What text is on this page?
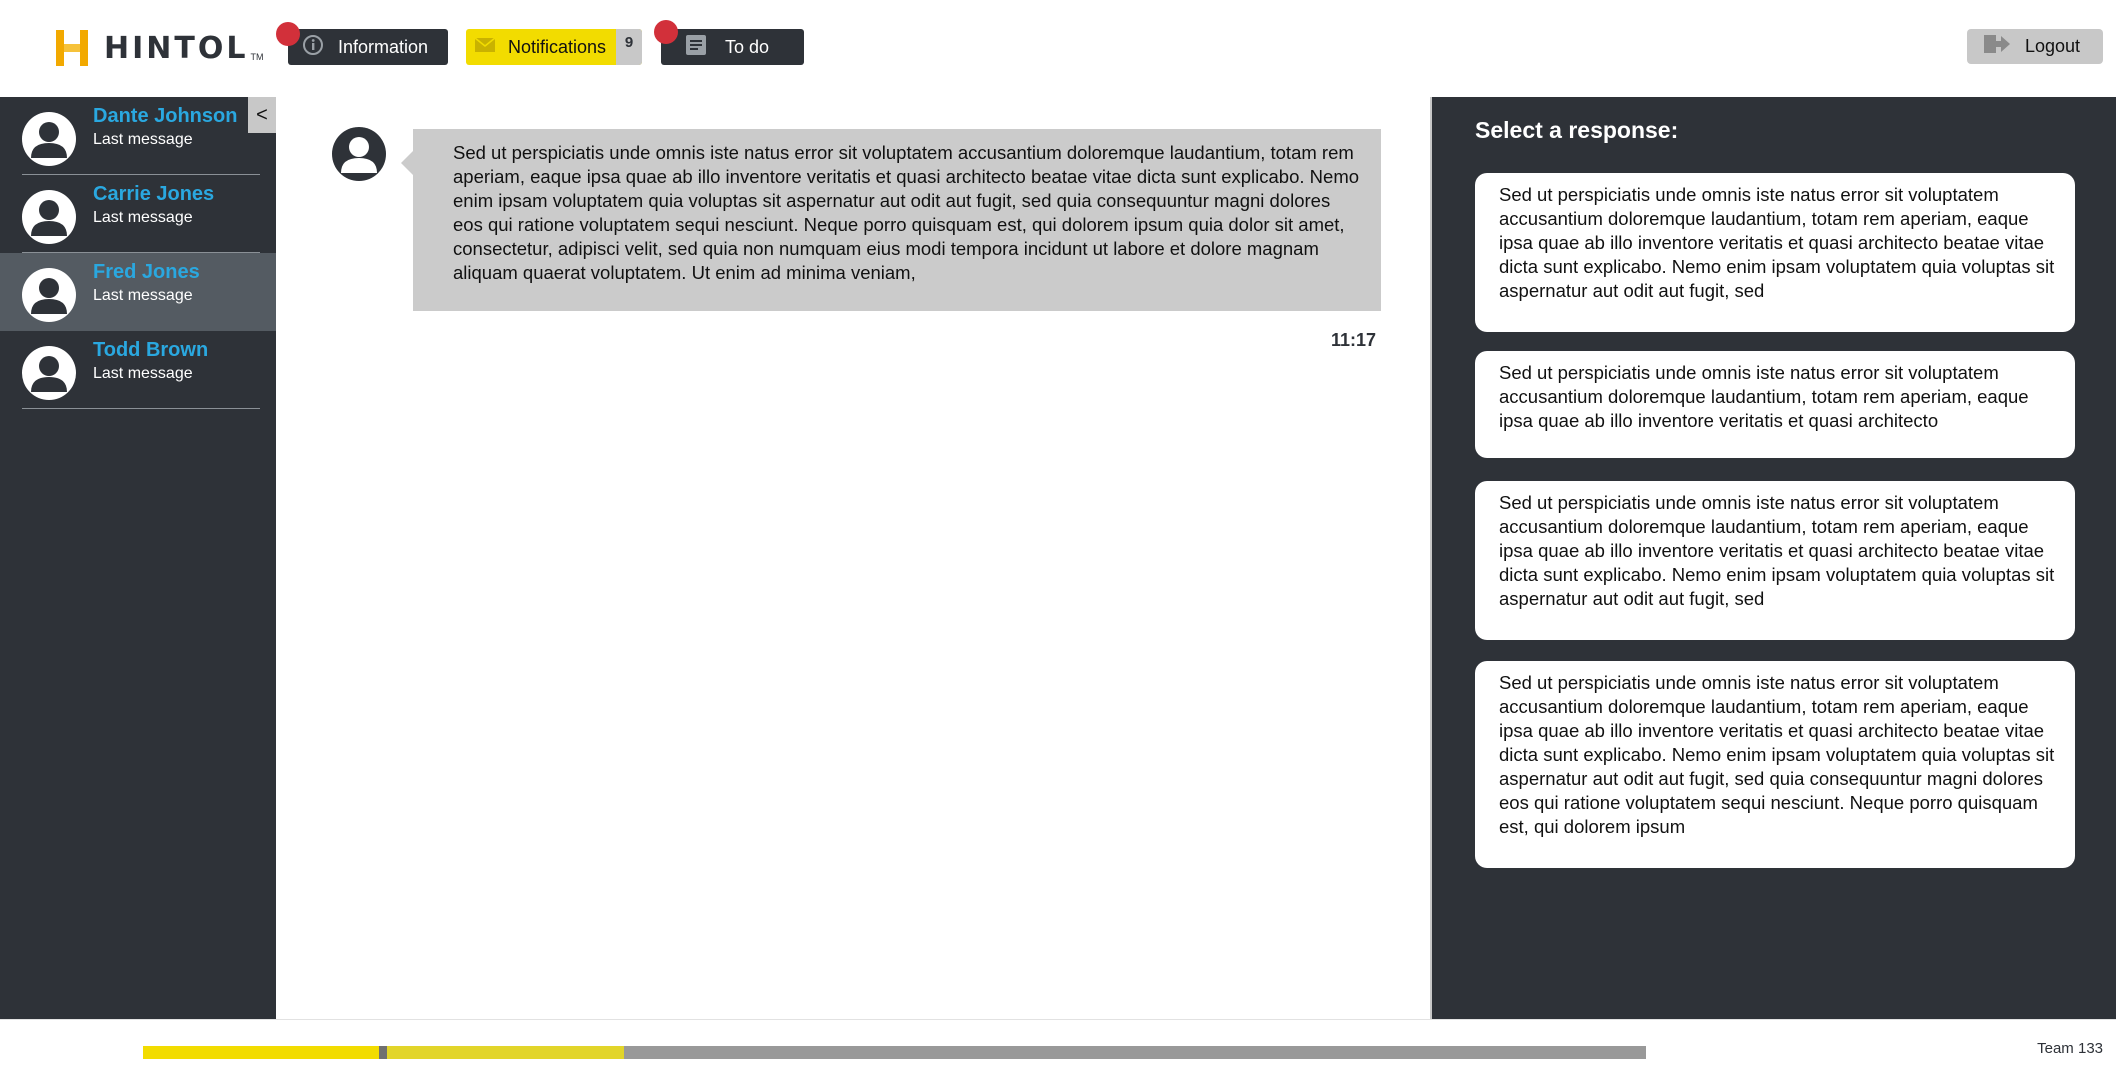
HINTOL TM
Information	Notifications	9	To do	Logout
Dante Johnson
Last message
Carrie Jones
Last message
Fred Jones
Last message
Todd Brown
Last message
<
Sed ut perspiciatis unde omnis iste natus error sit voluptatem accusantium doloremque laudantium, totam rem aperiam, eaque ipsa quae ab illo inventore veritatis et quasi architecto beatae vitae dicta sunt explicabo. Nemo enim ipsam voluptatem quia voluptas sit aspernatur aut odit aut fugit, sed quia consequuntur magni dolores eos qui ratione voluptatem sequi nesciunt. Neque porro quisquam est, qui dolorem ipsum quia dolor sit amet, consectetur, adipisci velit, sed quia non numquam eius modi tempora incidunt ut labore et dolore magnam aliquam quaerat voluptatem. Ut enim ad minima veniam,
11:17
Select a response:
Sed ut perspiciatis unde omnis iste natus error sit voluptatem accusantium doloremque laudantium, totam rem aperiam, eaque ipsa quae ab illo inventore veritatis et quasi architecto beatae vitae dicta sunt explicabo. Nemo enim ipsam voluptatem quia voluptas sit aspernatur aut odit aut fugit, sed
Sed ut perspiciatis unde omnis iste natus error sit voluptatem accusantium doloremque laudantium, totam rem aperiam, eaque ipsa quae ab illo inventore veritatis et quasi architecto
Sed ut perspiciatis unde omnis iste natus error sit voluptatem accusantium doloremque laudantium, totam rem aperiam, eaque ipsa quae ab illo inventore veritatis et quasi architecto beatae vitae dicta sunt explicabo. Nemo enim ipsam voluptatem quia voluptas sit aspernatur aut odit aut fugit, sed
Sed ut perspiciatis unde omnis iste natus error sit voluptatem accusantium doloremque laudantium, totam rem aperiam, eaque ipsa quae ab illo inventore veritatis et quasi architecto beatae vitae dicta sunt explicabo. Nemo enim ipsam voluptatem quia voluptas sit aspernatur aut odit aut fugit, sed quia consequuntur magni dolores eos qui ratione voluptatem sequi nesciunt. Neque porro quisquam est, qui dolorem ipsum
Team 133
